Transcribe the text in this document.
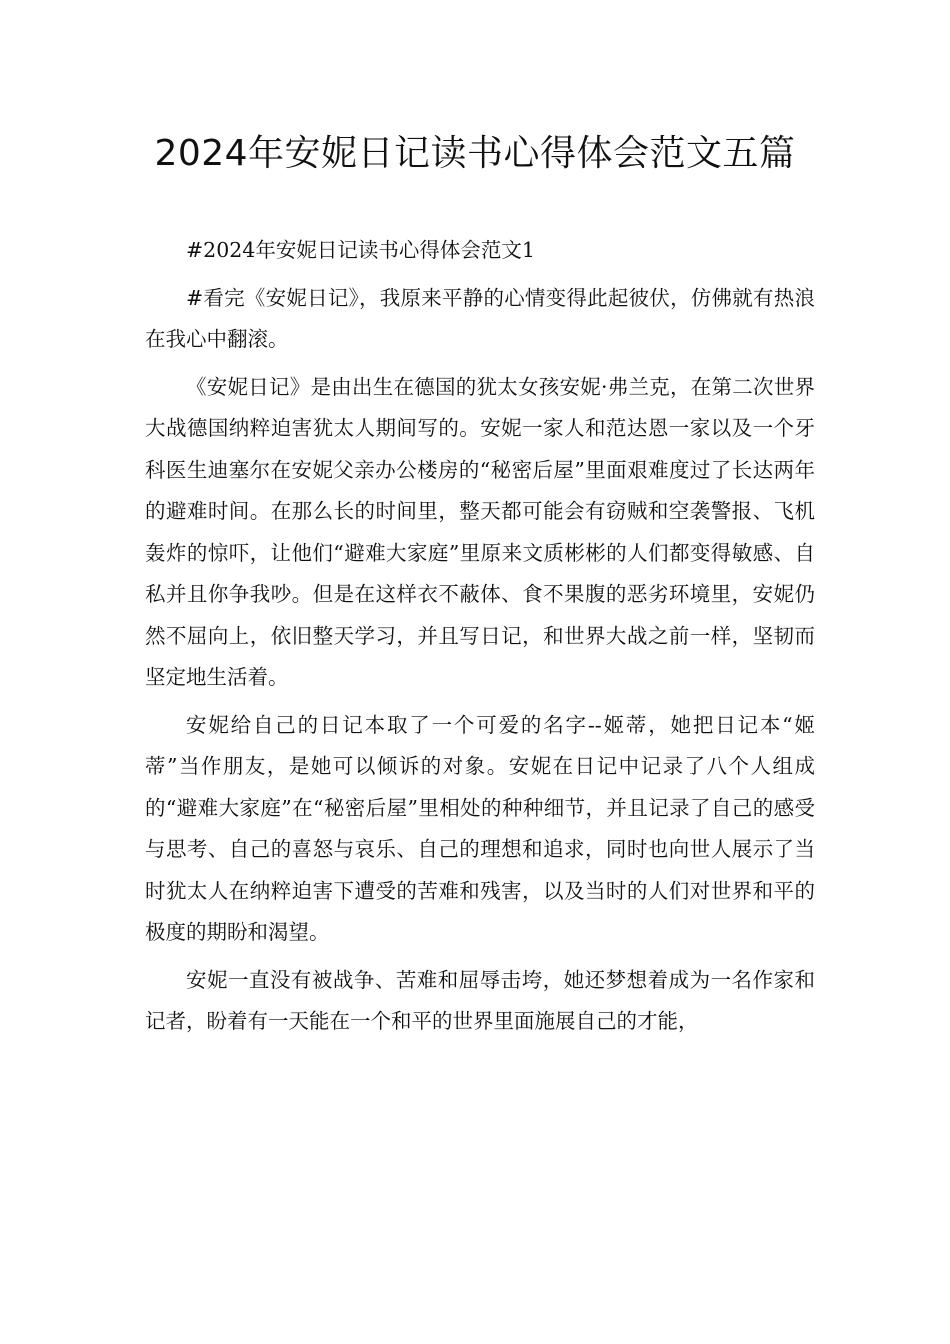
2024年安妮日记读书心得体会范文五篇

#2024年安妮日记读书心得体会范文1

#看完《安妮日记》，我原来平静的心情变得此起彼伏，仿佛就有热浪在我心中翻滚。

《安妮日记》是由出生在德国的犹太女孩安妮·弗兰克，在第二次世界大战德国纳粹迫害犹太人期间写的。安妮一家人和范达恩一家以及一个牙科医生迪塞尔在安妮父亲办公楼房的“秘密后屋”里面艰难度过了长达两年的避难时间。在那么长的时间里，整天都可能会有窃贼和空袭警报、飞机轰炸的惊吓，让他们“避难大家庭”里原来文质彬彬的人们都变得敏感、自私并且你争我吵。但是在这样衣不蔽体、食不果腹的恶劣环境里，安妮仍然不屈向上，依旧整天学习，并且写日记，和世界大战之前一样，坚韧而坚定地生活着。

安妮给自己的日记本取了一个可爱的名字--姬蒂，她把日记本“姬蒂”当作朋友，是她可以倾诉的对象。安妮在日记中记录了八个人组成的“避难大家庭”在“秘密后屋”里相处的种种细节，并且记录了自己的感受与思考、自己的喜怒与哀乐、自己的理想和追求，同时也向世人展示了当时犹太人在纳粹迫害下遭受的苦难和残害，以及当时的人们对世界和平的极度的期盼和渴望。

安妮一直没有被战争、苦难和屈辱击垮，她还梦想着成为一名作家和记者，盼着有一天能在一个和平的世界里面施展自己的才能，
